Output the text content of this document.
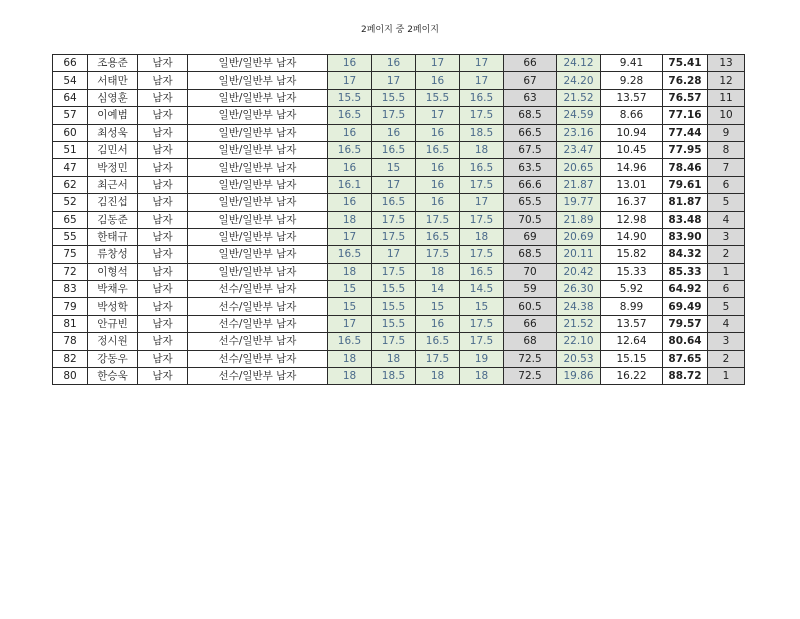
2페이지 중 2페이지
66	조용준	남자	일반/일반부 남자	16	16	17	17	66	24.12	9.41	75.41	13
54	서태만	남자	일반/일반부 남자	17	17	16	17	67	24.20	9.28	76.28	12
64	심영훈	남자	일반/일반부 남자	15.5	15.5	15.5	16.5	63	21.52	13.57	76.57	11
57	이예범	남자	일반/일반부 남자	16.5	17.5	17	17.5	68.5	24.59	8.66	77.16	10
60	최성욱	남자	일반/일반부 남자	16	16	16	18.5	66.5	23.16	10.94	77.44	9
51	김민서	남자	일반/일반부 남자	16.5	16.5	16.5	18	67.5	23.47	10.45	77.95	8
47	박정민	남자	일반/일반부 남자	16	15	16	16.5	63.5	20.65	14.96	78.46	7
62	최근서	남자	일반/일반부 남자	16.1	17	16	17.5	66.6	21.87	13.01	79.61	6
52	김진섭	남자	일반/일반부 남자	16	16.5	16	17	65.5	19.77	16.37	81.87	5
65	김동준	남자	일반/일반부 남자	18	17.5	17.5	17.5	70.5	21.89	12.98	83.48	4
55	한태규	남자	일반/일반부 남자	17	17.5	16.5	18	69	20.69	14.90	83.90	3
75	류창성	남자	일반/일반부 남자	16.5	17	17.5	17.5	68.5	20.11	15.82	84.32	2
72	이형석	남자	일반/일반부 남자	18	17.5	18	16.5	70	20.42	15.33	85.33	1
83	박채우	남자	선수/일반부 남자	15	15.5	14	14.5	59	26.30	5.92	64.92	6
79	박성학	남자	선수/일반부 남자	15	15.5	15	15	60.5	24.38	8.99	69.49	5
81	안규빈	남자	선수/일반부 남자	17	15.5	16	17.5	66	21.52	13.57	79.57	4
78	정시원	남자	선수/일반부 남자	16.5	17.5	16.5	17.5	68	22.10	12.64	80.64	3
82	강동우	남자	선수/일반부 남자	18	18	17.5	19	72.5	20.53	15.15	87.65	2
80	한승욱	남자	선수/일반부 남자	18	18.5	18	18	72.5	19.86	16.22	88.72	1
